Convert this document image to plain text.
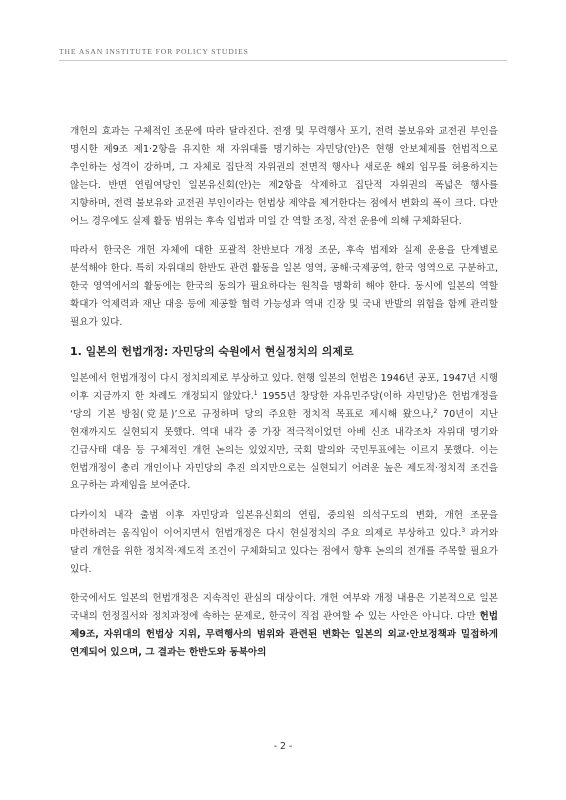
THE ASAN INSTITUTE FOR POLICY STUDIES

개헌의 효과는 구체적인 조문에 따라 달라진다. 전쟁 및 무력행사 포기, 전력 불보유와 교전권 부인을 명시한 제9조 제1·2항을 유지한 채 자위대를 명기하는 자민당(안)은 현행 안보체제를 헌법적으로 추인하는 성격이 강하며, 그 자체로 집단적 자위권의 전면적 행사나 새로운 해외 임무를 허용하지는 않는다. 반면 연립여당인 일본유신회(안)는 제2항을 삭제하고 집단적 자위권의 폭넓은 행사를 지향하며, 전력 불보유와 교전권 부인이라는 헌법상 제약을 제거한다는 점에서 변화의 폭이 크다. 다만 어느 경우에도 실제 활동 범위는 후속 입법과 미일 간 역할 조정, 작전 운용에 의해 구체화된다.

따라서 한국은 개헌 자체에 대한 포괄적 찬반보다 개정 조문, 후속 법제와 실제 운용을 단계별로 분석해야 한다. 특히 자위대의 한반도 관련 활동을 일본 영역, 공해·국제공역, 한국 영역으로 구분하고, 한국 영역에서의 활동에는 한국의 동의가 필요하다는 원칙을 명확히 해야 한다. 동시에 일본의 역할 확대가 억제력과 재난 대응 등에 제공할 협력 가능성과 역내 긴장 및 국내 반발의 위험을 함께 관리할 필요가 있다.

1. 일본의 헌법개정: 자민당의 숙원에서 현실정치의 의제로

일본에서 헌법개정이 다시 정치의제로 부상하고 있다. 현행 일본의 헌법은 1946년 공포, 1947년 시행 이후 지금까지 한 차례도 개정되지 않았다.$^1$ 1955년 창당한 자유민주당(이하 자민당)은 헌법개정을 ‘당의 기본 방침(党是)’으로 규정하며 당의 주요한 정치적 목표로 제시해 왔으나,$^2$ 70년이 지난 현재까지도 실현되지 못했다. 역대 내각 중 가장 적극적이었던 아베 신조 내각조차 자위대 명기와 긴급사태 대응 등 구체적인 개헌 논의는 있었지만, 국회 발의와 국민투표에는 이르지 못했다. 이는 헌법개정이 총리 개인이나 자민당의 추진 의지만으로는 실현되기 어려운 높은 제도적·정치적 조건을 요구하는 과제임을 보여준다.

다카이치 내각 출범 이후 자민당과 일본유신회의 연립, 중의원 의석구도의 변화, 개헌 조문을 마련하려는 움직임이 이어지면서 헌법개정은 다시 현실정치의 주요 의제로 부상하고 있다.$^3$ 과거와 달리 개헌을 위한 정치적·제도적 조건이 구체화되고 있다는 점에서 향후 논의의 전개를 주목할 필요가 있다.

한국에서도 일본의 헌법개정은 지속적인 관심의 대상이다. 개헌 여부와 개정 내용은 기본적으로 일본 국내의 헌정질서와 정치과정에 속하는 문제로, 한국이 직접 관여할 수 있는 사안은 아니다. 다만 헌법 제9조, 자위대의 헌법상 지위, 무력행사의 범위와 관련된 변화는 일본의 외교·안보정책과 밀접하게 연계되어 있으며, 그 결과는 한반도와 동북아의

- 2 -
